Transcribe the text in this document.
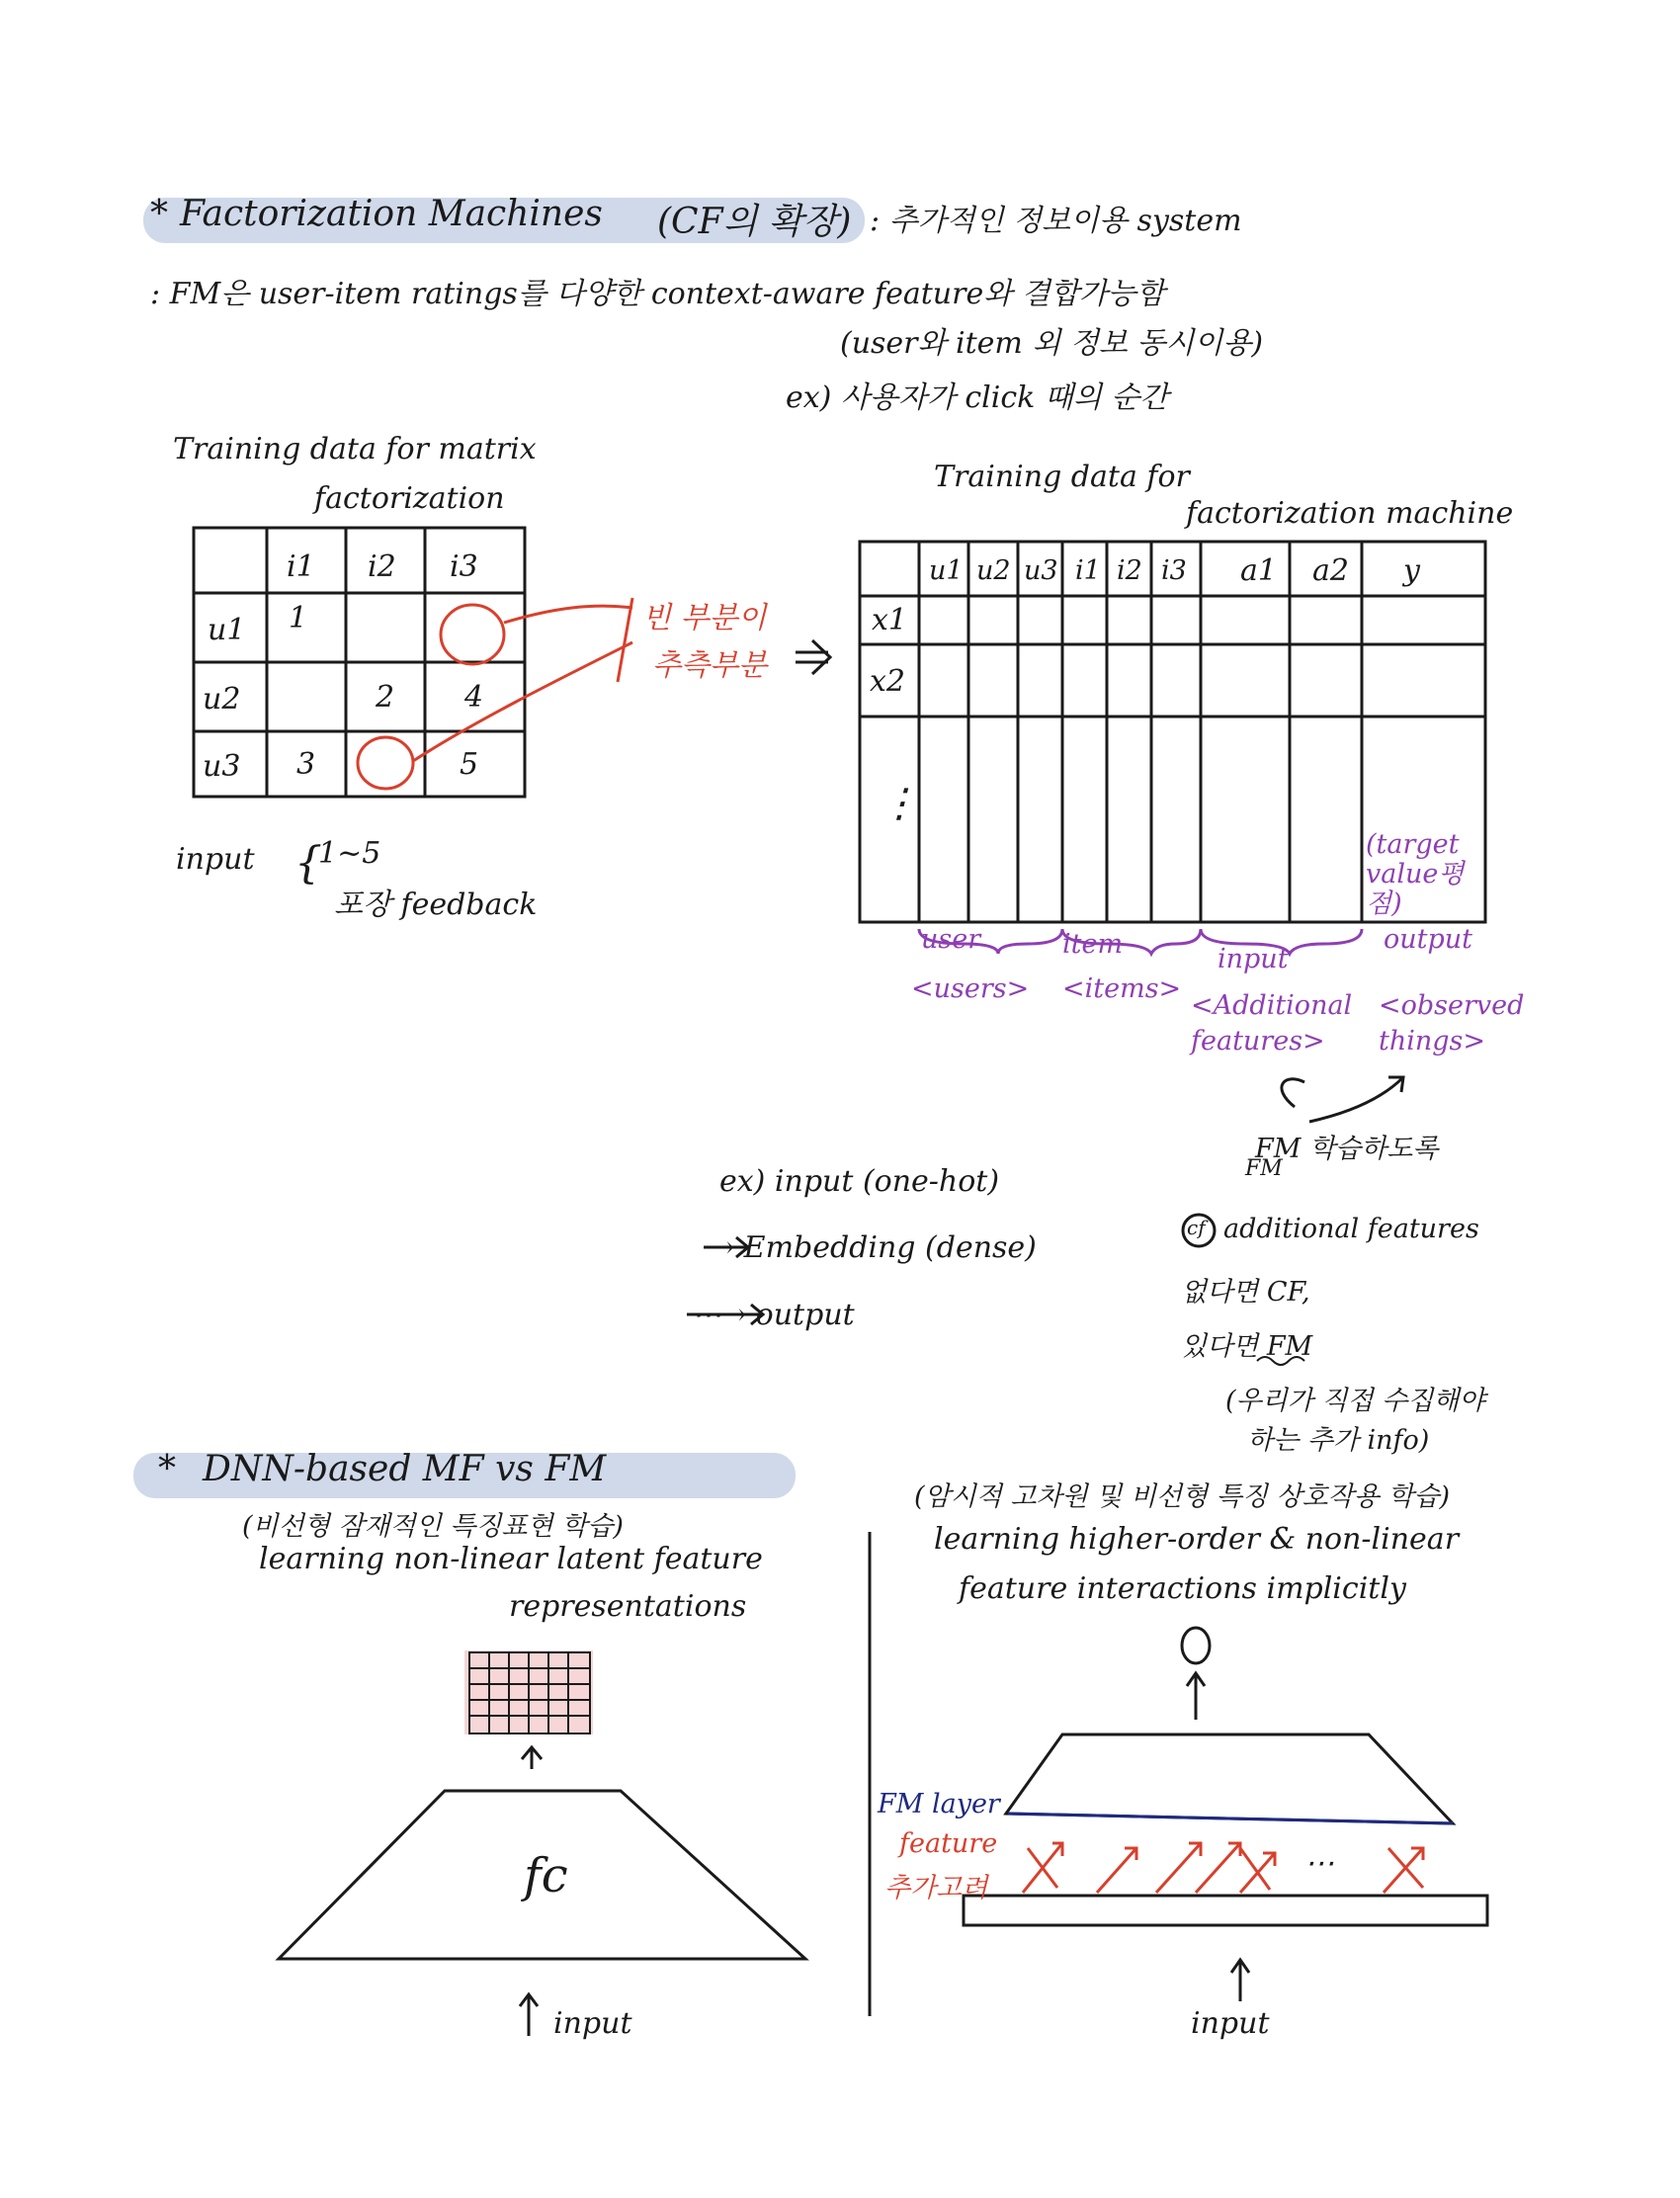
* Factorization Machines (CF의 확장) : 추가적인 정보이용 system
: FM은 user-item ratings를 다양한 context-aware feature와 결합가능함
(user와 item 외 정보 동시이용)
ex) 사용자가 click 때의 순간
Training data for matrix
factorization
i1 i2 i3
u1
u2
u3
1
2 4
3	5
빈 부분이
추측부분
input {
1~5
포장 feedback
Training data for
factorization machine
u1 u2 u3 i1 i2 i3 a1 a2 y
x1
x2
⋮
(target value평점)
user
<users>
item
<items>
input
<Additional features>
output
<observed things>
FM 학습하도록
FM
ex) input (one-hot)
→ Embedding (dense)
⋯→ output
cf additional features
없다면 CF,
있다면 FM
(우리가 직접 수집해야
하는 추가 info)
* DNN-based MF vs FM
(비선형 잠재적인 특징표현 학습)
learning non-linear latent feature
representations
fc
input
(암시적 고차원 및 비선형 특징 상호작용 학습)
learning higher-order & non-linear
feature interactions implicitly
FM layer
feature
추가고려
⋯
input
